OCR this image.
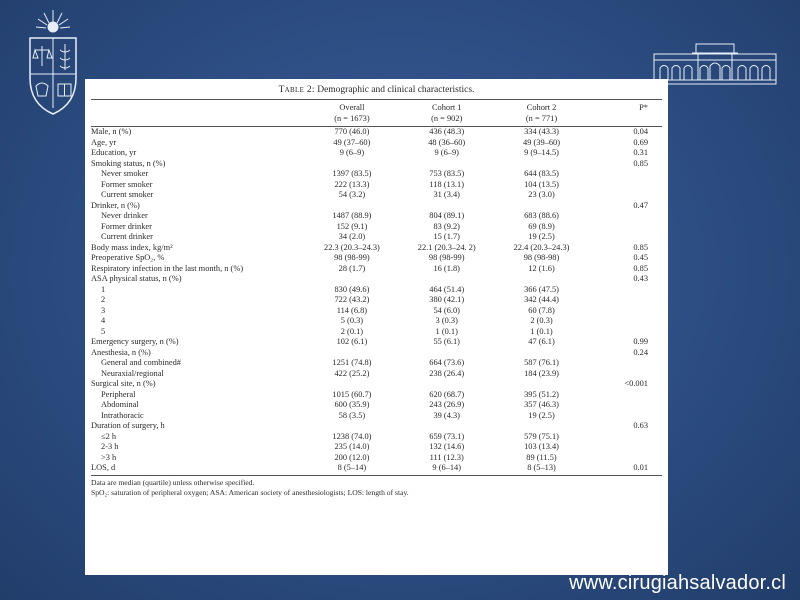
Table 2: Demographic and clinical characteristics.
	Overall	Cohort 1	Cohort 2	P*
	(n = 1673)	(n = 902)	(n = 771)	
Male, n (%)	770 (46.0)	436 (48.3)	334 (43.3)	0.04
Age, yr	49 (37–60)	48 (36–60)	49 (39–60)	0.69
Education, yr	9 (6–9)	9 (6–9)	9 (9–14.5)	0.31
Smoking status, n (%)				0.85
Never smoker	1397 (83.5)	753 (83.5)	644 (83.5)	
Former smoker	222 (13.3)	118 (13.1)	104 (13.5)	
Current smoker	54 (3.2)	31 (3.4)	23 (3.0)	
Drinker, n (%)				0.47
Never drinker	1487 (88.9)	804 (89.1)	683 (88.6)	
Former drinker	152 (9.1)	83 (9.2)	69 (8.9)	
Current drinker	34 (2.0)	15 (1.7)	19 (2.5)	
Body mass index, kg/m²	22.3 (20.3–24.3)	22.1 (20.3–24. 2)	22.4 (20.3–24.3)	0.85
Preoperative SpO₂, %	98 (98-99)	98 (98-99)	98 (98-98)	0.45
Respiratory infection in the last month, n (%)	28 (1.7)	16 (1.8)	12 (1.6)	0.85
ASA physical status, n (%)				0.43
1	830 (49.6)	464 (51.4)	366 (47.5)	
2	722 (43.2)	380 (42.1)	342 (44.4)	
3	114 (6.8)	54 (6.0)	60 (7.8)	
4	5 (0.3)	3 (0.3)	2 (0.3)	
5	2 (0.1)	1 (0.1)	1 (0.1)	
Emergency surgery, n (%)	102 (6.1)	55 (6.1)	47 (6.1)	0.99
Anesthesia, n (%)				0.24
General and combined#	1251 (74.8)	664 (73.6)	587 (76.1)	
Neuraxial/regional	422 (25.2)	238 (26.4)	184 (23.9)	
Surgical site, n (%)				<0.001
Peripheral	1015 (60.7)	620 (68.7)	395 (51.2)	
Abdominal	600 (35.9)	243 (26.9)	357 (46.3)	
Intrathoracic	58 (3.5)	39 (4.3)	19 (2.5)	
Duration of surgery, h				0.63
≤2 h	1238 (74.0)	659 (73.1)	579 (75.1)	
2-3 h	235 (14.0)	132 (14.6)	103 (13.4)	
>3 h	200 (12.0)	111 (12.3)	89 (11.5)	
LOS, d	8 (5–14)	9 (6–14)	8 (5–13)	0.01
Data are median (quartile) unless otherwise specified.
SpO₂: saturation of peripheral oxygen; ASA: American society of anesthesiologists; LOS: length of stay.
www.cirugiahsalvador.cl
